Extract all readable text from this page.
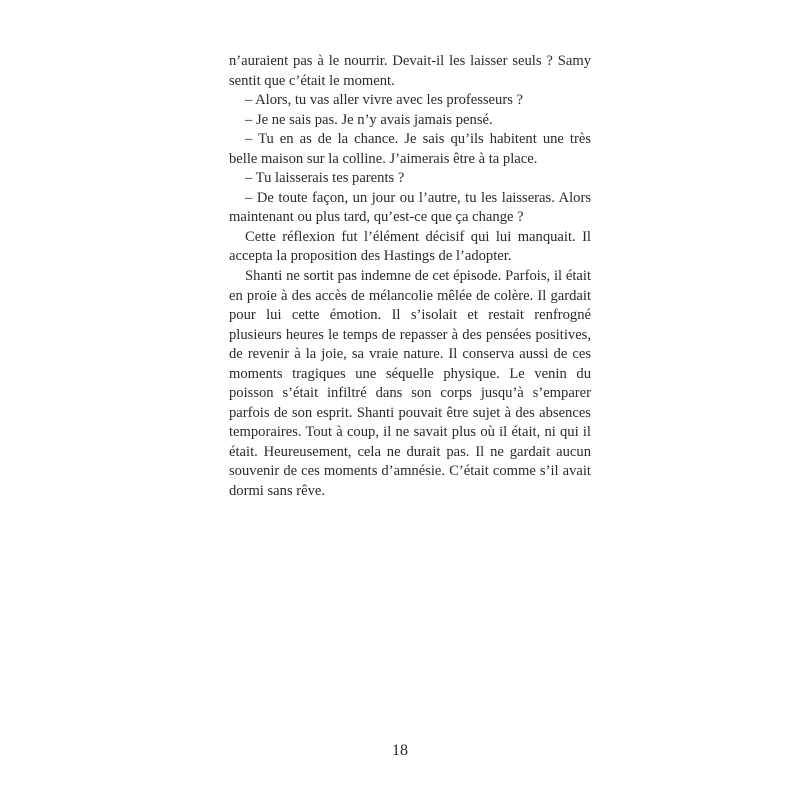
n’auraient pas à le nourrir. Devait-il les laisser seuls ? Samy sentit que c’était le moment.

– Alors, tu vas aller vivre avec les professeurs ?

– Je ne sais pas. Je n’y avais jamais pensé.

– Tu en as de la chance. Je sais qu’ils habitent une très belle maison sur la colline. J’aimerais être à ta place.

– Tu laisserais tes parents ?

– De toute façon, un jour ou l’autre, tu les laisseras. Alors maintenant ou plus tard, qu’est-ce que ça change ?

Cette réflexion fut l’élément décisif qui lui manquait. Il accepta la proposition des Hastings de l’adopter.

Shanti ne sortit pas indemne de cet épisode. Parfois, il était en proie à des accès de mélancolie mêlée de colère. Il gardait pour lui cette émotion. Il s’isolait et restait renfrogné plusieurs heures le temps de repasser à des pensées positives, de revenir à la joie, sa vraie nature. Il conserva aussi de ces moments tragiques une séquelle physique. Le venin du poisson s’était infiltré dans son corps jusqu’à s’emparer parfois de son esprit. Shanti pouvait être sujet à des absences temporaires. Tout à coup, il ne savait plus où il était, ni qui il était. Heureusement, cela ne durait pas. Il ne gardait aucun souvenir de ces moments d’amnésie. C’était comme s’il avait dormi sans rêve.

18
